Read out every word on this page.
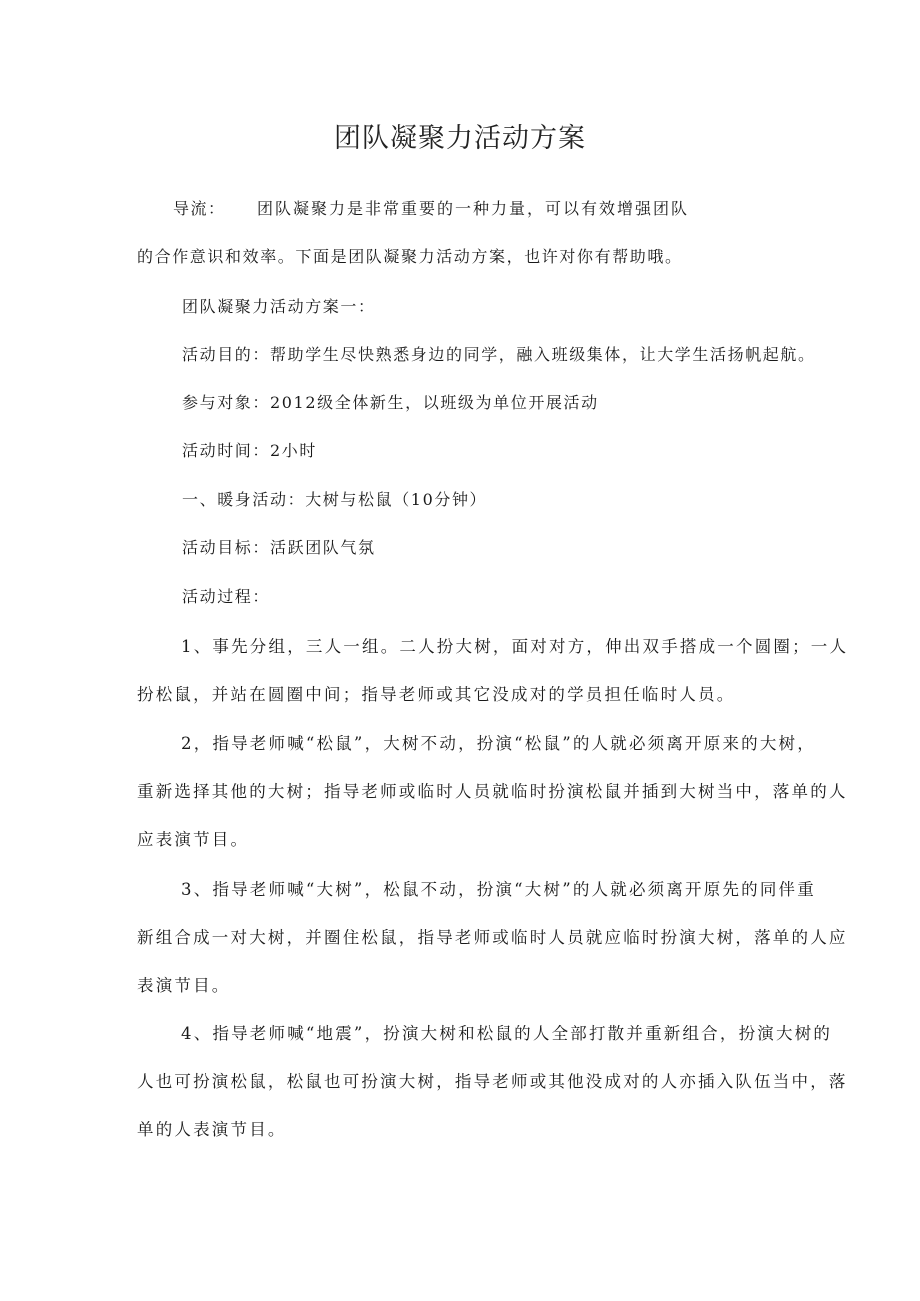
团队凝聚力活动方案
导流： 团队凝聚力是非常重要的一种力量，可以有效增强团队
的合作意识和效率。下面是团队凝聚力活动方案，也许对你有帮助哦。
团队凝聚力活动方案一：
活动目的：帮助学生尽快熟悉身边的同学，融入班级集体，让大学生活扬帆起航。
参与对象：2012级全体新生，以班级为单位开展活动
活动时间：2小时
一、暖身活动：大树与松鼠（10分钟）
活动目标：活跃团队气氛
活动过程：
1、事先分组，三人一组。二人扮大树，面对对方，伸出双手搭成一个圆圈；一人
扮松鼠，并站在圆圈中间；指导老师或其它没成对的学员担任临时人员。
2，指导老师喊“松鼠”，大树不动，扮演“松鼠”的人就必须离开原来的大树，
重新选择其他的大树；指导老师或临时人员就临时扮演松鼠并插到大树当中，落单的人
应表演节目。
3、指导老师喊“大树”，松鼠不动，扮演“大树”的人就必须离开原先的同伴重
新组合成一对大树，并圈住松鼠，指导老师或临时人员就应临时扮演大树，落单的人应
表演节目。
4、指导老师喊“地震”，扮演大树和松鼠的人全部打散并重新组合，扮演大树的
人也可扮演松鼠，松鼠也可扮演大树，指导老师或其他没成对的人亦插入队伍当中，落
单的人表演节目。
